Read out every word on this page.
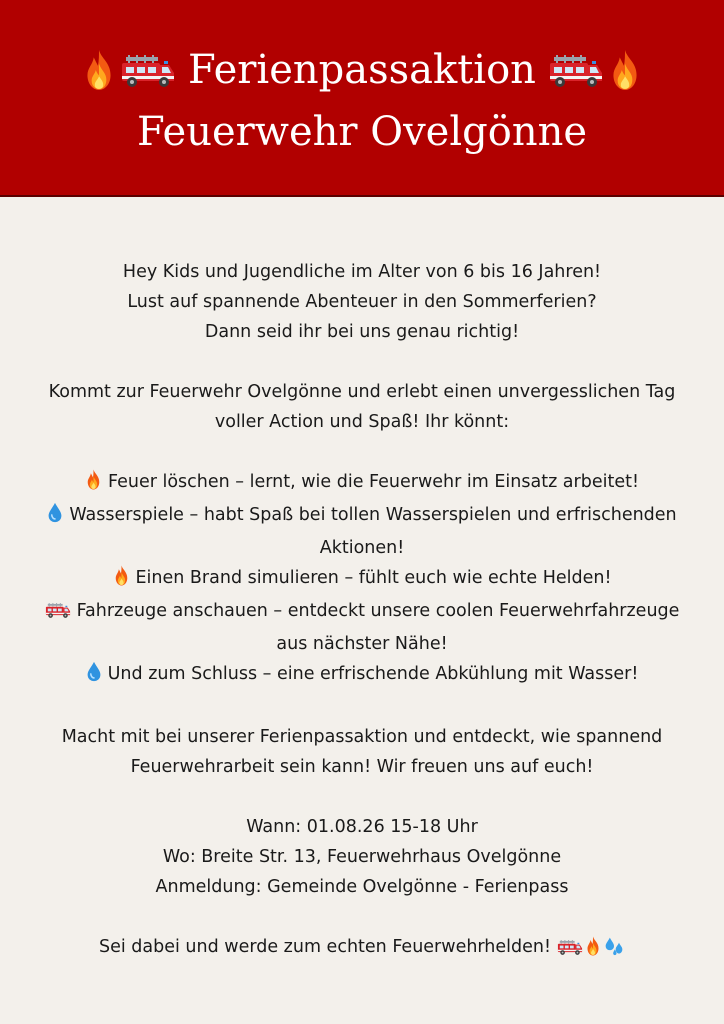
Ferienpassaktion
Feuerwehr Ovelgönne

Hey Kids und Jugendliche im Alter von 6 bis 16 Jahren!
Lust auf spannende Abenteuer in den Sommerferien?
Dann seid ihr bei uns genau richtig!

Kommt zur Feuerwehr Ovelgönne und erlebt einen unvergesslichen Tag
voller Action und Spaß! Ihr könnt:

Feuer löschen – lernt, wie die Feuerwehr im Einsatz arbeitet!
Wasserspiele – habt Spaß bei tollen Wasserspielen und erfrischenden
Aktionen!
Einen Brand simulieren – fühlt euch wie echte Helden!
Fahrzeuge anschauen – entdeckt unsere coolen Feuerwehrfahrzeuge
aus nächster Nähe!
Und zum Schluss – eine erfrischende Abkühlung mit Wasser!

Macht mit bei unserer Ferienpassaktion und entdeckt, wie spannend
Feuerwehrarbeit sein kann! Wir freuen uns auf euch!

Wann: 01.08.26 15-18 Uhr
Wo: Breite Str. 13, Feuerwehrhaus Ovelgönne
Anmeldung: Gemeinde Ovelgönne - Ferienpass

Sei dabei und werde zum echten Feuerwehrhelden!
